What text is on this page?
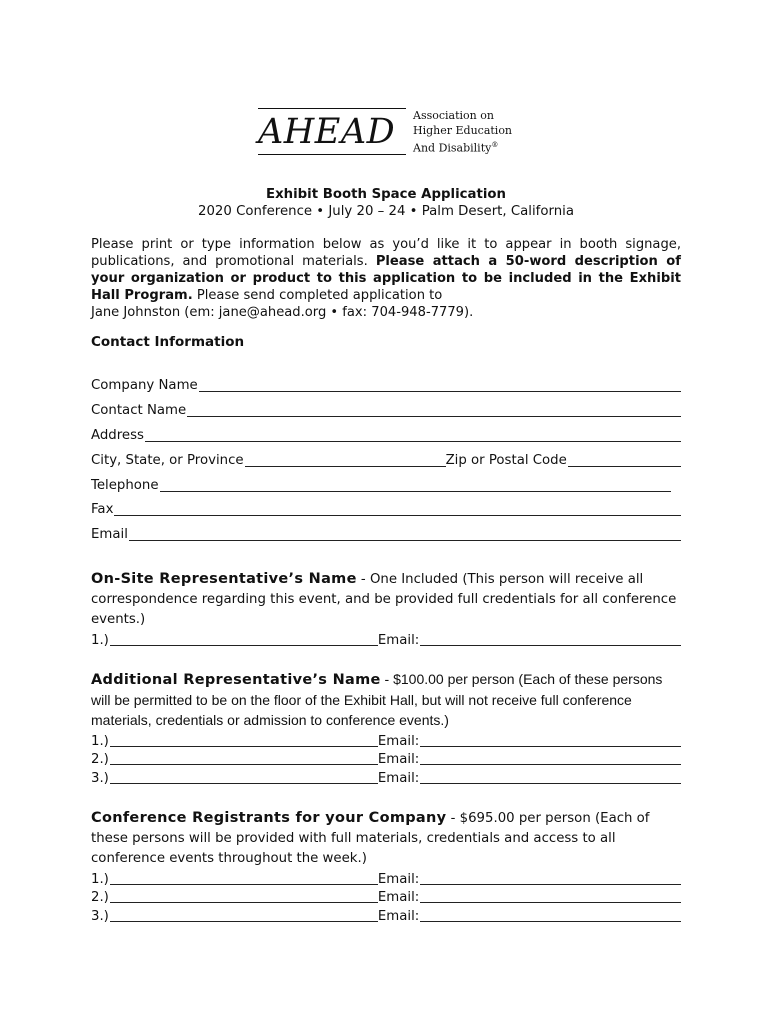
AHEAD Association on
Higher Education
And Disability®
Exhibit Booth Space Application
2020 Conference • July 20 – 24 • Palm Desert, California
Please print or type information below as you’d like it to appear in booth signage, publications, and promotional materials. Please attach a 50-word description of your organization or product to this application to be included in the Exhibit Hall Program. Please send completed application to
Jane Johnston (em: jane@ahead.org • fax: 704-948-7779).
Contact Information
Company Name
Contact Name
Address
City, State, or Province	Zip or Postal Code
Telephone
Fax
Email
On-Site Representative’s Name - One Included (This person will receive all correspondence regarding this event, and be provided full credentials for all conference events.)
1.)	Email:
Additional Representative’s Name - $100.00 per person (Each of these persons will be permitted to be on the floor of the Exhibit Hall, but will not receive full conference materials, credentials or admission to conference events.)
1.)	Email:
2.)	Email:
3.)	Email:
Conference Registrants for your Company - $695.00 per person (Each of these persons will be provided with full materials, credentials and access to all conference events throughout the week.)
1.)	Email:
2.)	Email:
3.)	Email:
